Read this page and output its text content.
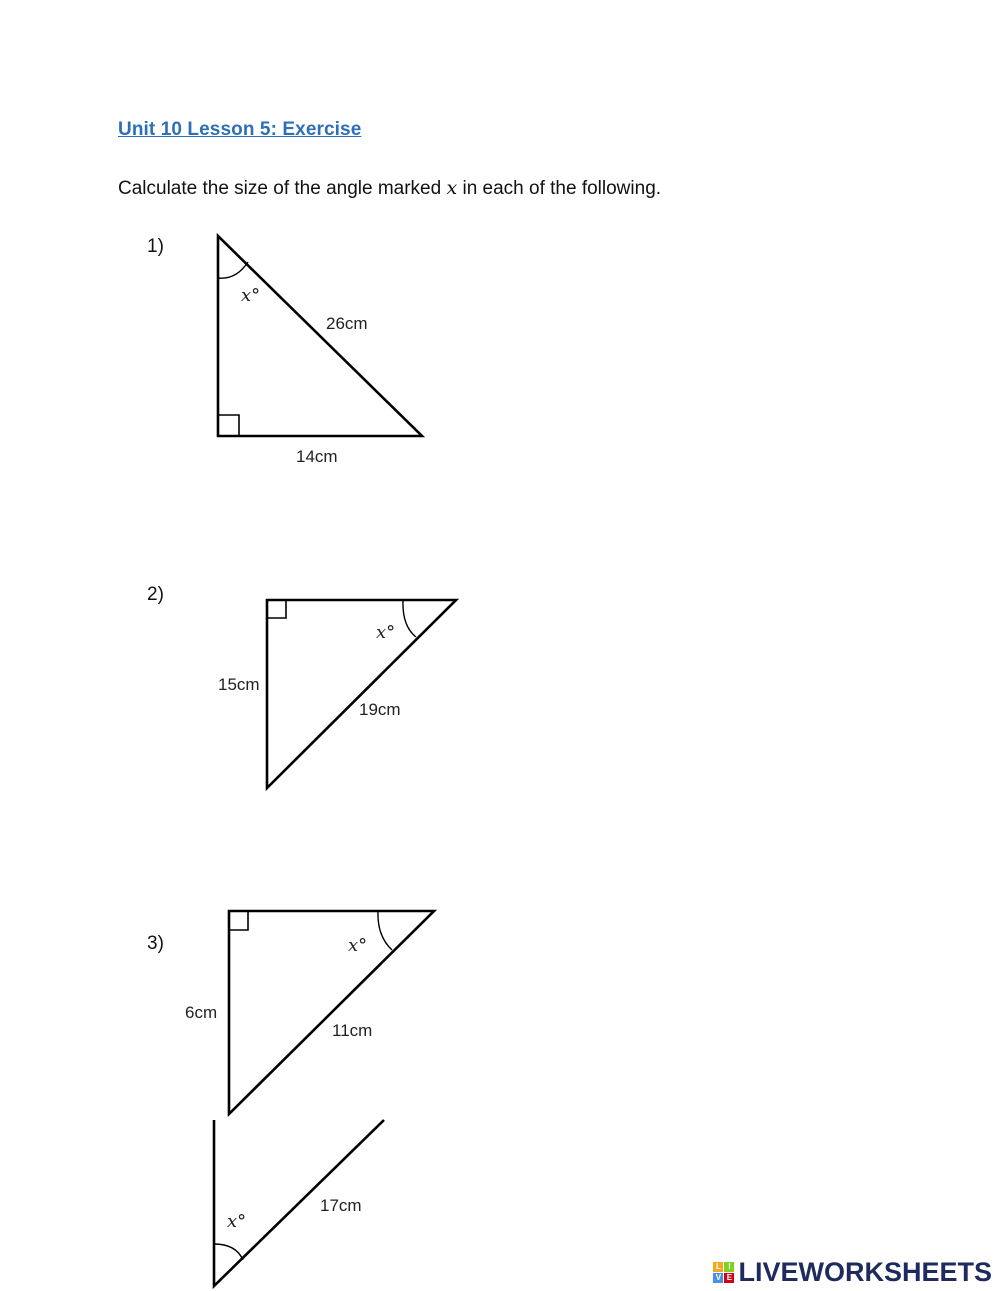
Unit 10 Lesson 5: Exercise
Calculate the size of the angle marked x in each of the following.
1)
2)
3)
x°
26cm
14cm
x°
15cm
19cm
x°
6cm
11cm
x°
17cm
L I
V E LIVEWORKSHEETS
